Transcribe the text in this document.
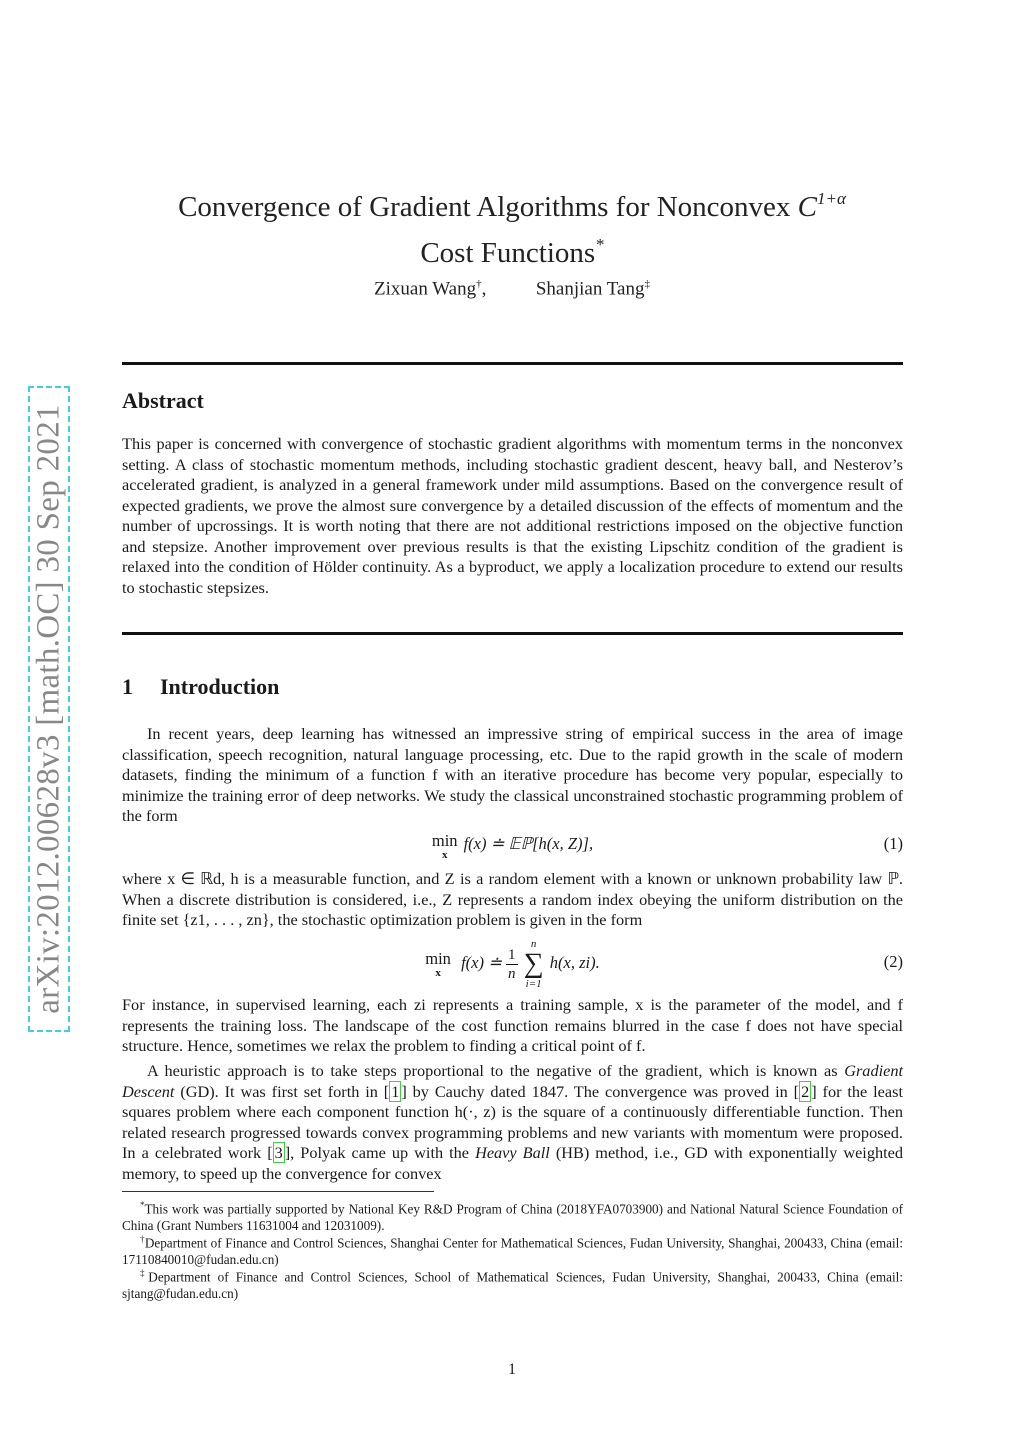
arXiv:2012.00628v3 [math.OC] 30 Sep 2021
Convergence of Gradient Algorithms for Nonconvex $C^{1+\alpha}$
Cost Functions*
Zixuan Wang†,	Shanjian Tang‡
Abstract
This paper is concerned with convergence of stochastic gradient algorithms with momentum terms in the nonconvex setting. A class of stochastic momentum methods, including stochastic gradient descent, heavy ball, and Nesterov’s accelerated gradient, is analyzed in a general framework under mild assumptions. Based on the convergence result of expected gradients, we prove the almost sure convergence by a detailed discussion of the effects of momentum and the number of upcrossings. It is worth noting that there are not additional restrictions imposed on the objective function and stepsize. Another improvement over previous results is that the existing Lipschitz condition of the gradient is relaxed into the condition of Hölder continuity. As a byproduct, we apply a localization procedure to extend our results to stochastic stepsizes.
1 Introduction
In recent years, deep learning has witnessed an impressive string of empirical success in the area of image classification, speech recognition, natural language processing, etc. Due to the rapid growth in the scale of modern datasets, finding the minimum of a function f with an iterative procedure has become very popular, especially to minimize the training error of deep networks. We study the classical unconstrained stochastic programming problem of the form
min
x
f(x) ≐ 𝔼ℙ[h(x, Z)],	(1)
where x ∈ ℝd, h is a measurable function, and Z is a random element with a known or unknown probability law ℙ. When a discrete distribution is considered, i.e., Z represents a random index obeying the uniform distribution on the finite set {z1, . . . , zn}, the stochastic optimization problem is given in the form
min
x
f(x) ≐ $\frac{1}{n}$
n
∑
i=1
h(x, zi).	(2)
For instance, in supervised learning, each zi represents a training sample, x is the parameter of the model, and f represents the training loss. The landscape of the cost function remains blurred in the case f does not have special structure. Hence, sometimes we relax the problem to finding a critical point of f.
A heuristic approach is to take steps proportional to the negative of the gradient, which is known as Gradient Descent (GD). It was first set forth in [ 1 ] by Cauchy dated 1847. The convergence was proved in [ 2 ] for the least squares problem where each component function h(·, z) is the square of a continuously differentiable function. Then related research progressed towards convex programming problems and new variants with momentum were proposed. In a celebrated work [ 3 ], Polyak came up with the Heavy Ball (HB) method, i.e., GD with exponentially weighted memory, to speed up the convergence for convex
*This work was partially supported by National Key R&D Program of China (2018YFA0703900) and National Natural Science Foundation of China (Grant Numbers 11631004 and 12031009).
†Department of Finance and Control Sciences, Shanghai Center for Mathematical Sciences, Fudan University, Shanghai, 200433, China (email: 17110840010@fudan.edu.cn)
‡Department of Finance and Control Sciences, School of Mathematical Sciences, Fudan University, Shanghai, 200433, China (email: sjtang@fudan.edu.cn)
1
